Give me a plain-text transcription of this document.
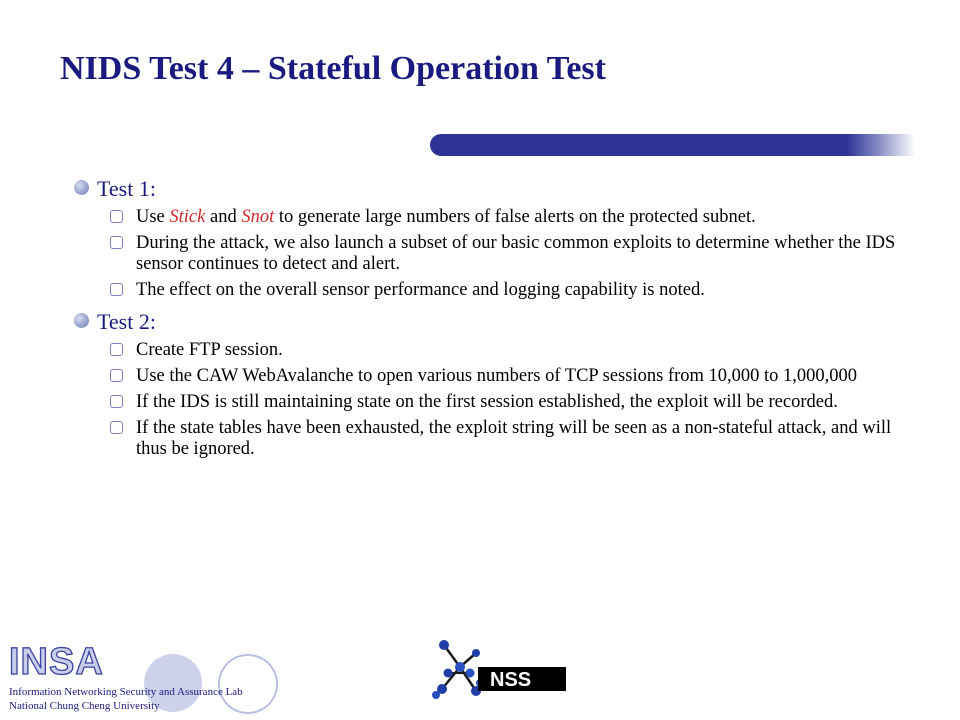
NIDS Test 4 – Stateful Operation Test
Test 1:
Use Stick and Snot to generate large numbers of false alerts on the protected subnet.
During the attack, we also launch a subset of our basic common exploits to determine whether the IDS sensor continues to detect and alert.
The effect on the overall sensor performance and logging capability is noted.
Test 2:
Create FTP session.
Use the CAW WebAvalanche to open various numbers of TCP sessions from 10,000 to 1,000,000
If the IDS is still maintaining state on the first session established, the exploit will be recorded.
If the state tables have been exhausted, the exploit string will be seen as a non-stateful attack, and will thus be ignored.
INSA
Information Networking Security and Assurance Lab
National Chung Cheng University
NSS
